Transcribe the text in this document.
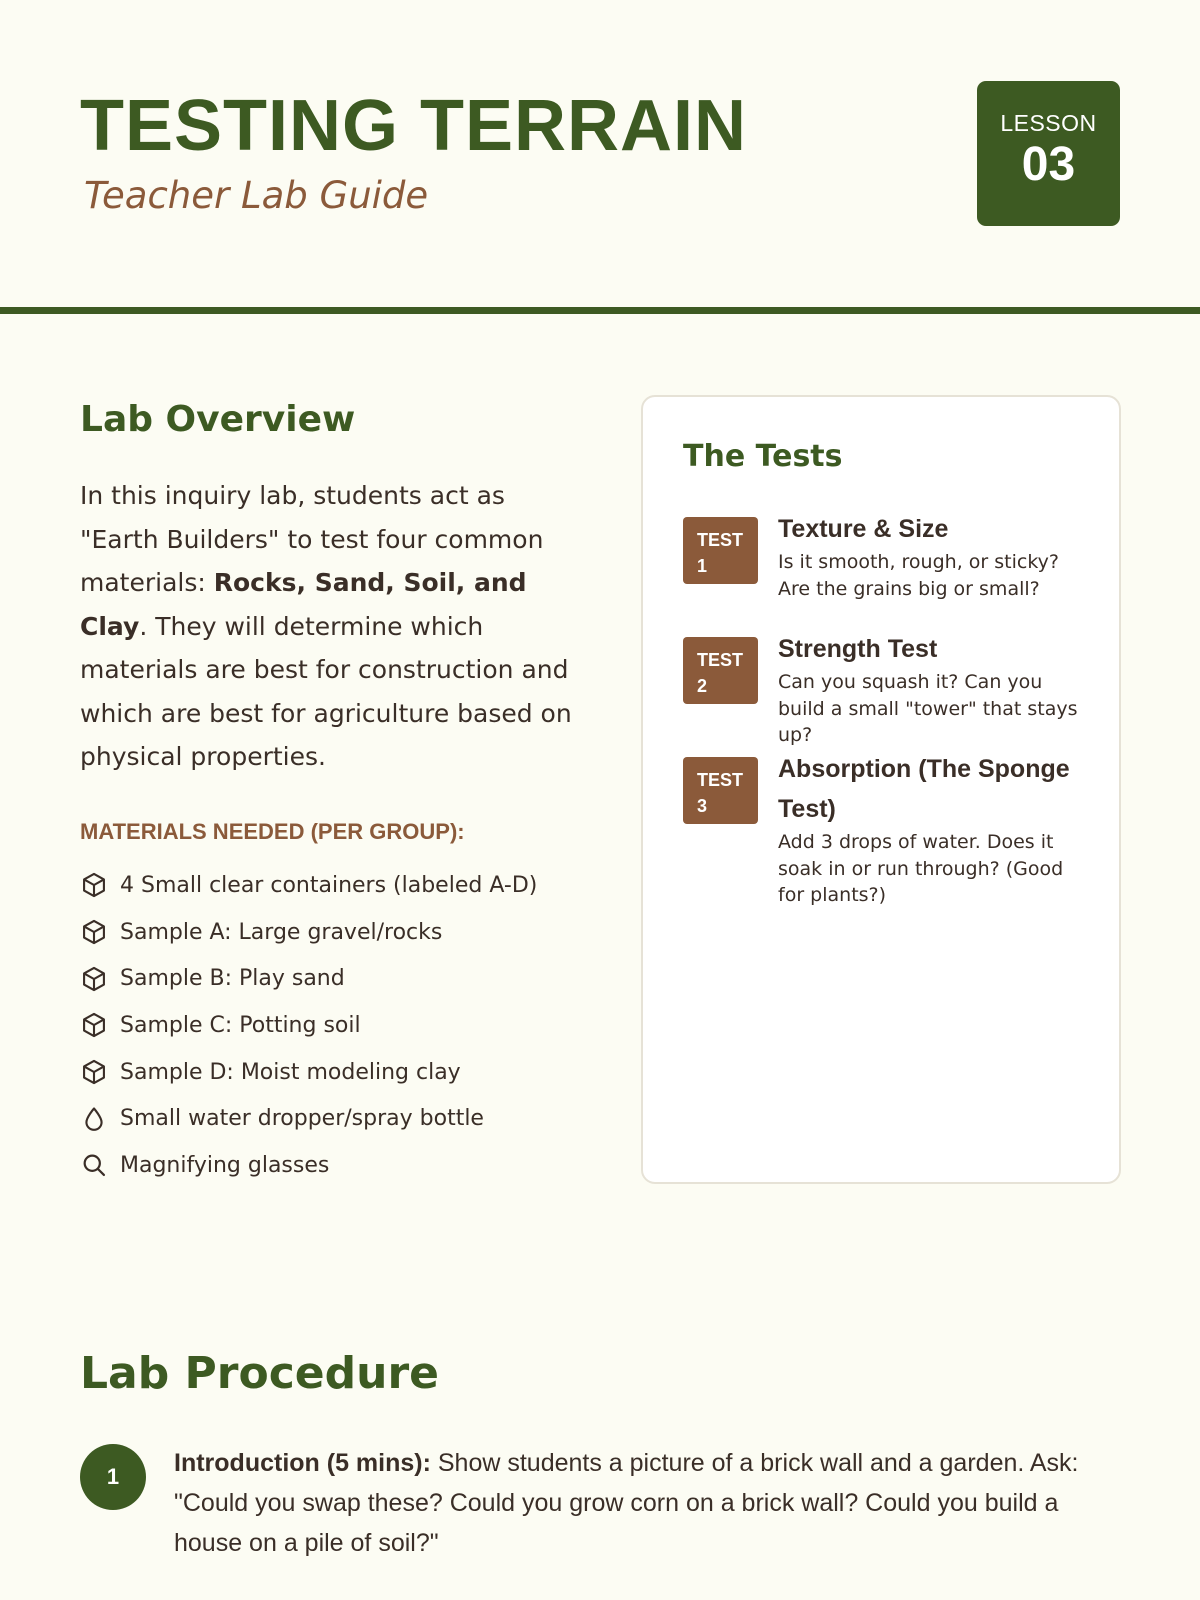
TESTING TERRAIN
Teacher Lab Guide
LESSON
03
Lab Overview

In this inquiry lab, students act as "Earth Builders" to test four common materials: Rocks, Sand, Soil, and Clay. They will determine which materials are best for construction and which are best for agriculture based on physical properties.

MATERIALS NEEDED (PER GROUP):
4 Small clear containers (labeled A-D)
Sample A: Large gravel/rocks
Sample B: Play sand
Sample C: Potting soil
Sample D: Moist modeling clay
Small water dropper/spray bottle
Magnifying glasses
The Tests
TEST
1
Texture & Size
Is it smooth, rough, or sticky? Are the grains big or small?
TEST
2
Strength Test
Can you squash it? Can you build a small "tower" that stays up?
TEST
3
Absorption (The Sponge Test)
Add 3 drops of water. Does it soak in or run through? (Good for plants?)
Lab Procedure
1	Introduction (5 mins): Show students a picture of a brick wall and a garden. Ask: "Could you swap these? Could you grow corn on a brick wall? Could you build a house on a pile of soil?"
